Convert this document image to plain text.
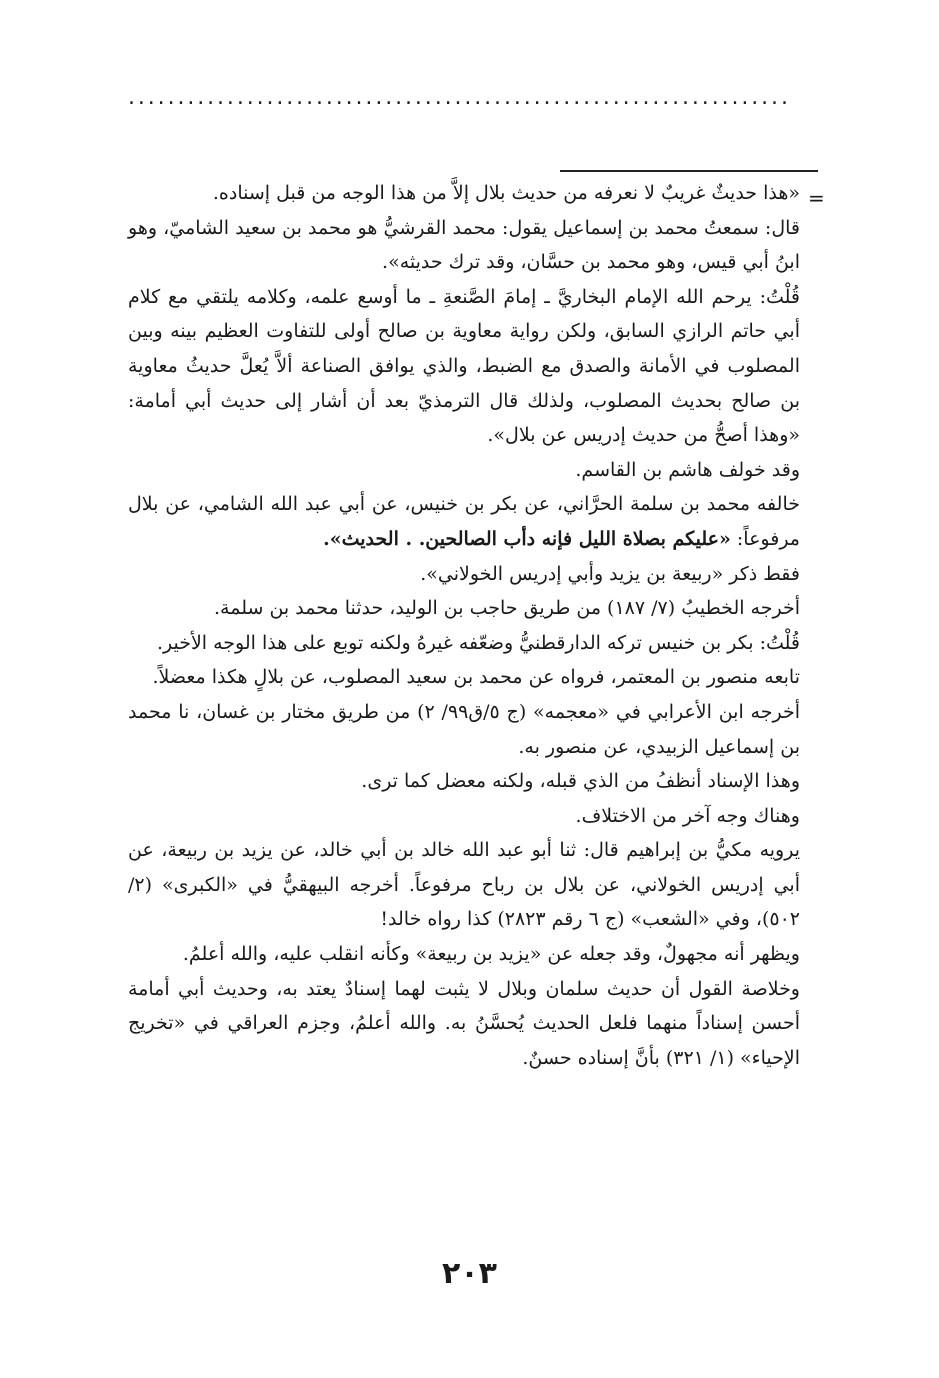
...................................................................
=

«هذا حديثٌ غريبٌ لا نعرفه من حديث بلال إلاَّ من هذا الوجه من قبل إسناده.

قال: سمعتُ محمد بن إسماعيل يقول: محمد القرشيُّ هو محمد بن سعيد الشاميّ، وهو ابنُ أبي قيس، وهو محمد بن حسَّان، وقد ترك حديثه».

قُلْتُ: يرحم الله الإمام البخاريَّ ـ إمامَ الصَّنعةِ ـ ما أوسع علمه، وكلامه يلتقي مع كلام أبي حاتم الرازي السابق، ولكن رواية معاوية بن صالح أولى للتفاوت العظيم بينه وبين المصلوب في الأمانة والصدق مع الضبط، والذي يوافق الصناعة ألاَّ يُعلَّ حديثُ معاوية بن صالح بحديث المصلوب، ولذلك قال الترمذيّ بعد أن أشار إلى حديث أبي أمامة: «وهذا أصحُّ من حديث إدريس عن بلال».

وقد خولف هاشم بن القاسم.

خالفه محمد بن سلمة الحرَّاني، عن بكر بن خنيس، عن أبي عبد الله الشامي، عن بلال مرفوعاً: «عليكم بصلاة الليل فإنه دأب الصالحين. . الحديث».

فقط ذكر «ربيعة بن يزيد وأبي إدريس الخولاني».

أخرجه الخطيبُ (٧/ ١٨٧) من طريق حاجب بن الوليد، حدثنا محمد بن سلمة.

قُلْتُ: بكر بن خنيس تركه الدارقطنيُّ وضعّفه غيرهُ ولكنه توبع على هذا الوجه الأخير.

تابعه منصور بن المعتمر، فرواه عن محمد بن سعيد المصلوب، عن بلالٍ هكذا معضلاً.

أخرجه ابن الأعرابي في «معجمه» (ج ٥/ق٩٩/ ٢) من طريق مختار بن غسان، نا محمد بن إسماعيل الزبيدي، عن منصور به.

وهذا الإسناد أنظفُ من الذي قبله، ولكنه معضل كما ترى.

وهناك وجه آخر من الاختلاف.

يرويه مكيُّ بن إبراهيم قال: ثنا أبو عبد الله خالد بن أبي خالد، عن يزيد بن ربيعة، عن أبي إدريس الخولاني، عن بلال بن رباح مرفوعاً. أخرجه البيهقيُّ في «الكبرى» (٢/ ٥٠٢)، وفي «الشعب» (ج ٦ رقم ٢٨٢٣) كذا رواه خالد!

ويظهر أنه مجهولٌ، وقد جعله عن «يزيد بن ربيعة» وكأنه انقلب عليه، والله أعلمُ.

وخلاصة القول أن حديث سلمان وبلال لا يثبت لهما إسنادٌ يعتد به، وحديث أبي أمامة أحسن إسناداً منهما فلعل الحديث يُحسَّنُ به. والله أعلمُ، وجزم العراقي في «تخريج الإحياء» (١/ ٣٢١) بأنَّ إسناده حسنٌ.

٢٠٣
